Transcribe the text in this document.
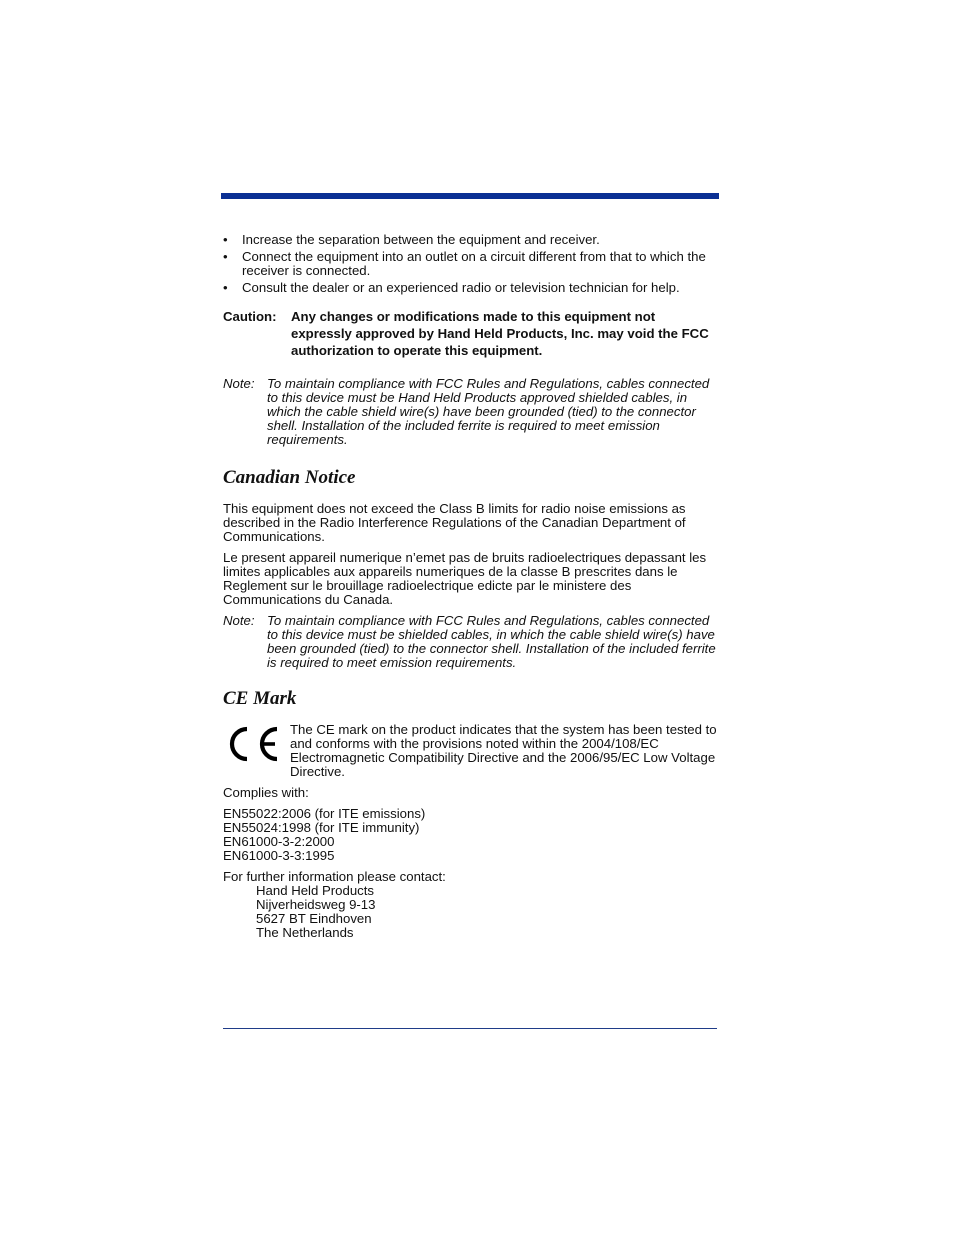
• Increase the separation between the equipment and receiver.
• Connect the equipment into an outlet on a circuit different from that to which the receiver is connected.
• Consult the dealer or an experienced radio or television technician for help.
Caution:	Any changes or modifications made to this equipment not expressly approved by Hand Held Products, Inc. may void the FCC authorization to operate this equipment.
Note: To maintain compliance with FCC Rules and Regulations, cables connected to this device must be Hand Held Products approved shielded cables, in which the cable shield wire(s) have been grounded (tied) to the connector shell. Installation of the included ferrite is required to meet emission requirements.
Canadian Notice

This equipment does not exceed the Class B limits for radio noise emissions as described in the Radio Interference Regulations of the Canadian Department of Communications.

Le present appareil numerique n’emet pas de bruits radioelectriques depassant les limites applicables aux appareils numeriques de la classe B prescrites dans le Reglement sur le brouillage radioelectrique edicte par le ministere des Communications du Canada.

Note: To maintain compliance with FCC Rules and Regulations, cables connected to this device must be shielded cables, in which the cable shield wire(s) have been grounded (tied) to the connector shell. Installation of the included ferrite is required to meet emission requirements.
CE Mark
The CE mark on the product indicates that the system has been tested to and conforms with the provisions noted within the 2004/108/EC Electromagnetic Compatibility Directive and the 2006/95/EC Low Voltage Directive.

Complies with:

EN55022:2006 (for ITE emissions)
EN55024:1998 (for ITE immunity)
EN61000-3-2:2000
EN61000-3-3:1995
For further information please contact:
Hand Held Products
Nijverheidsweg 9-13
5627 BT Eindhoven
The Netherlands
